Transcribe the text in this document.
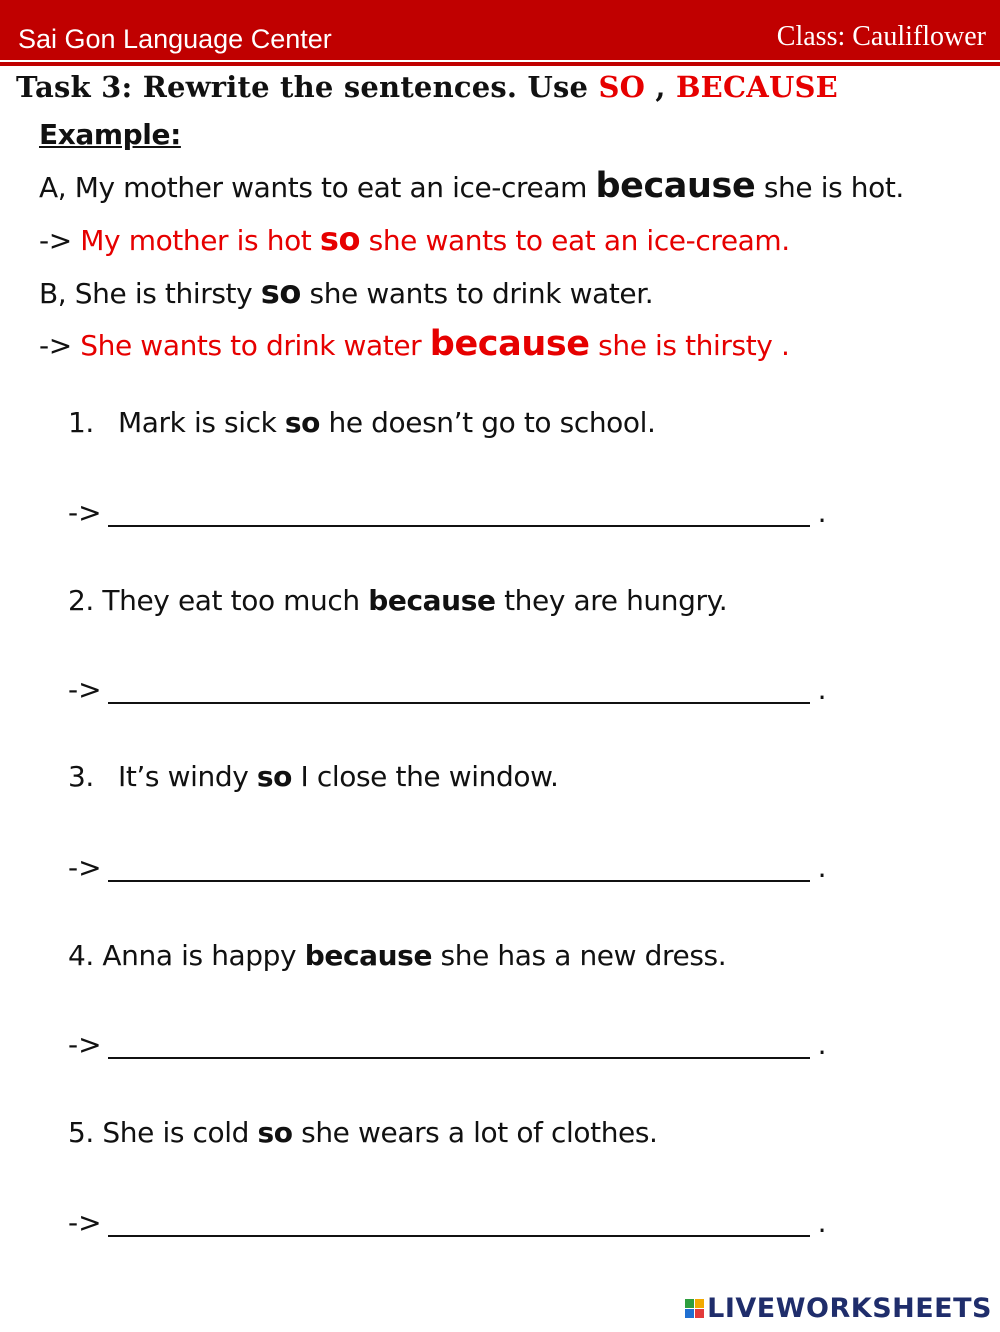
Sai Gon Language Center	Class: Cauliflower
Task 3: Rewrite the sentences. Use SO , BECAUSE
Example:
A, My mother wants to eat an ice-cream because she is hot.
-> My mother is hot so she wants to eat an ice-cream.
B, She is thirsty so she wants to drink water.
-> She wants to drink water because she is thirsty .
1. Mark is sick so he doesn’t go to school.
->	.
2. They eat too much because they are hungry.
->	.
3. It’s windy so I close the window.
->	.
4. Anna is happy because she has a new dress.
->	.
5. She is cold so she wears a lot of clothes.
->	.
LIVEWORKSHEETS
